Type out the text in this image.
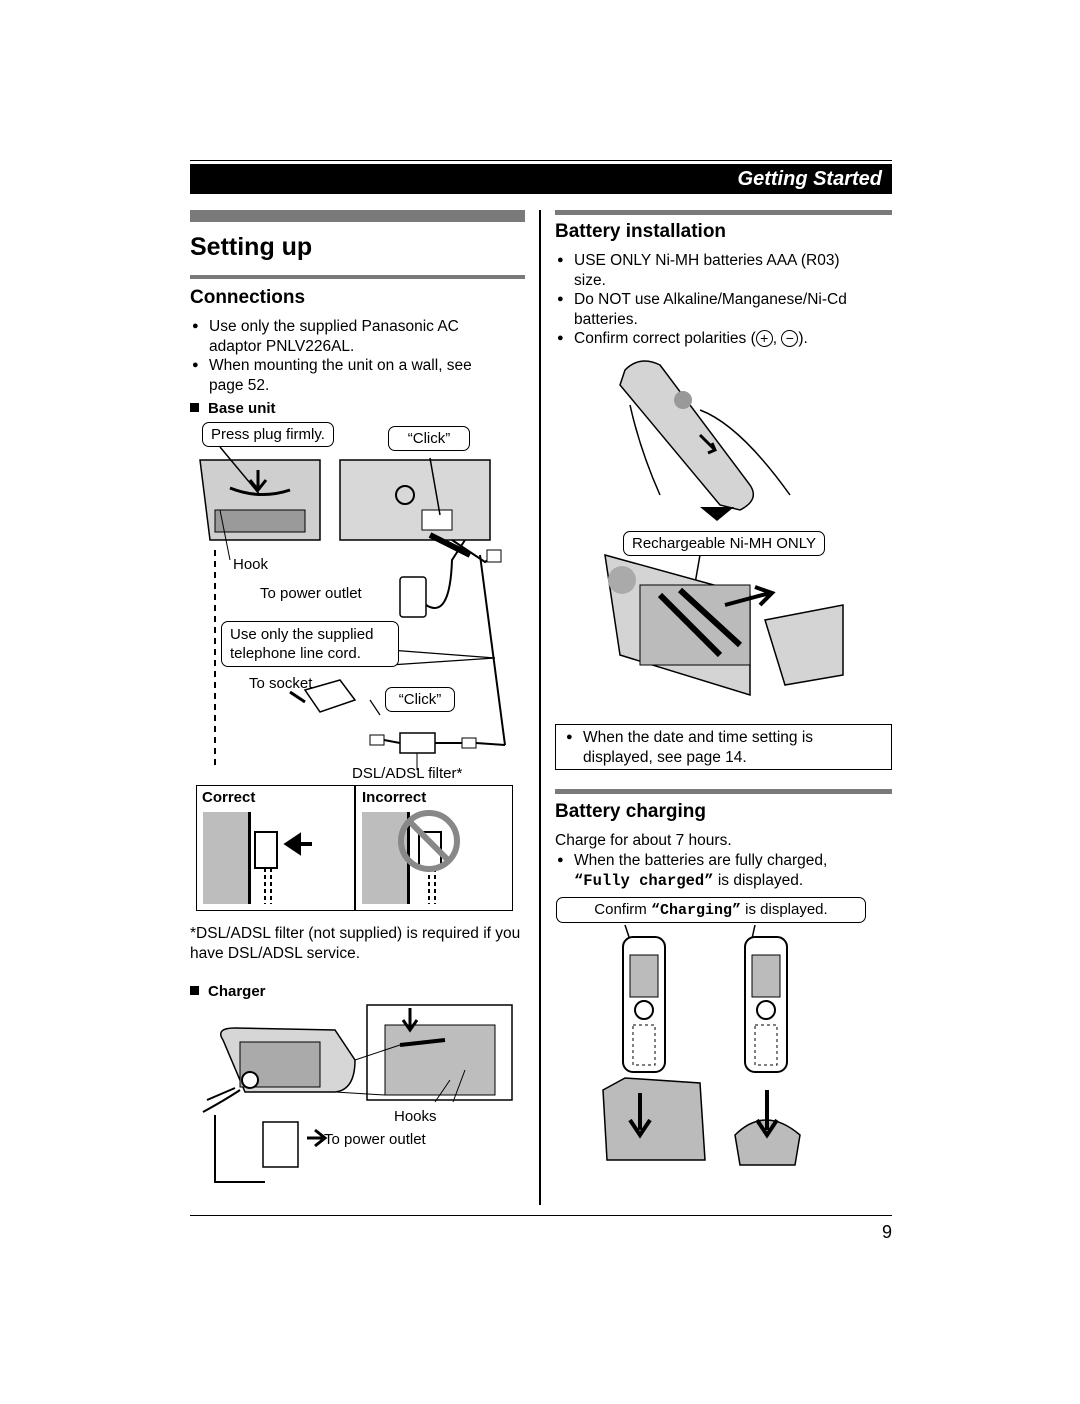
Getting Started
Setting up
Connections
● Use only the supplied Panasonic AC adaptor PNLV226AL.
● When mounting the unit on a wall, see page 52.
Base unit
Press plug firmly.	“Click”
Hook
To power outlet
Use only the supplied telephone line cord.
To socket
“Click”
DSL/ADSL filter*
Correct	Incorrect
*DSL/ADSL filter (not supplied) is required if you have DSL/ADSL service.
Charger
Hooks
To power outlet
Battery installation
● USE ONLY Ni-MH batteries AAA (R03) size.
● Do NOT use Alkaline/Manganese/Ni-Cd batteries.
● Confirm correct polarities ( + , − ).
Rechargeable Ni-MH ONLY
● When the date and time setting is displayed, see page 14.
Battery charging
Charge for about 7 hours.
● When the batteries are fully charged,
“Fully charged” is displayed.
Confirm “Charging” is displayed.
9
